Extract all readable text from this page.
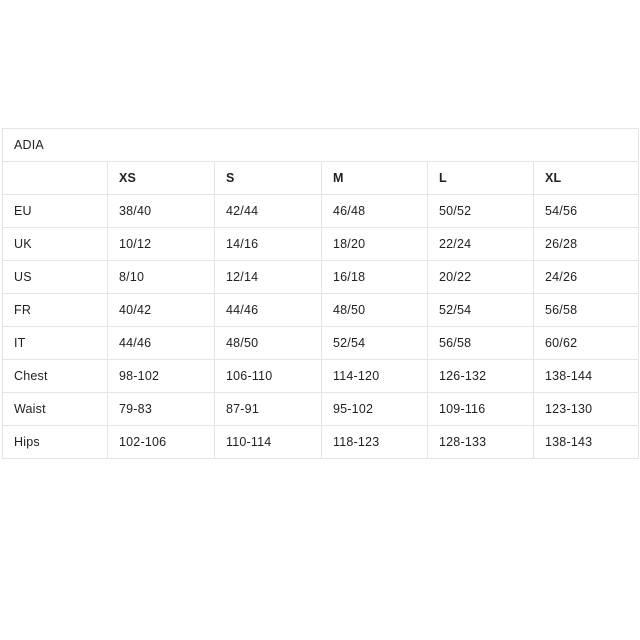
ADIA					
	XS	S	M	L	XL
EU	38/40	42/44	46/48	50/52	54/56
UK	10/12	14/16	18/20	22/24	26/28
US	8/10	12/14	16/18	20/22	24/26
FR	40/42	44/46	48/50	52/54	56/58
IT	44/46	48/50	52/54	56/58	60/62
Chest	98-102	106-110	114-120	126-132	138-144
Waist	79-83	87-91	95-102	109-116	123-130
Hips	102-106	110-114	118-123	128-133	138-143
